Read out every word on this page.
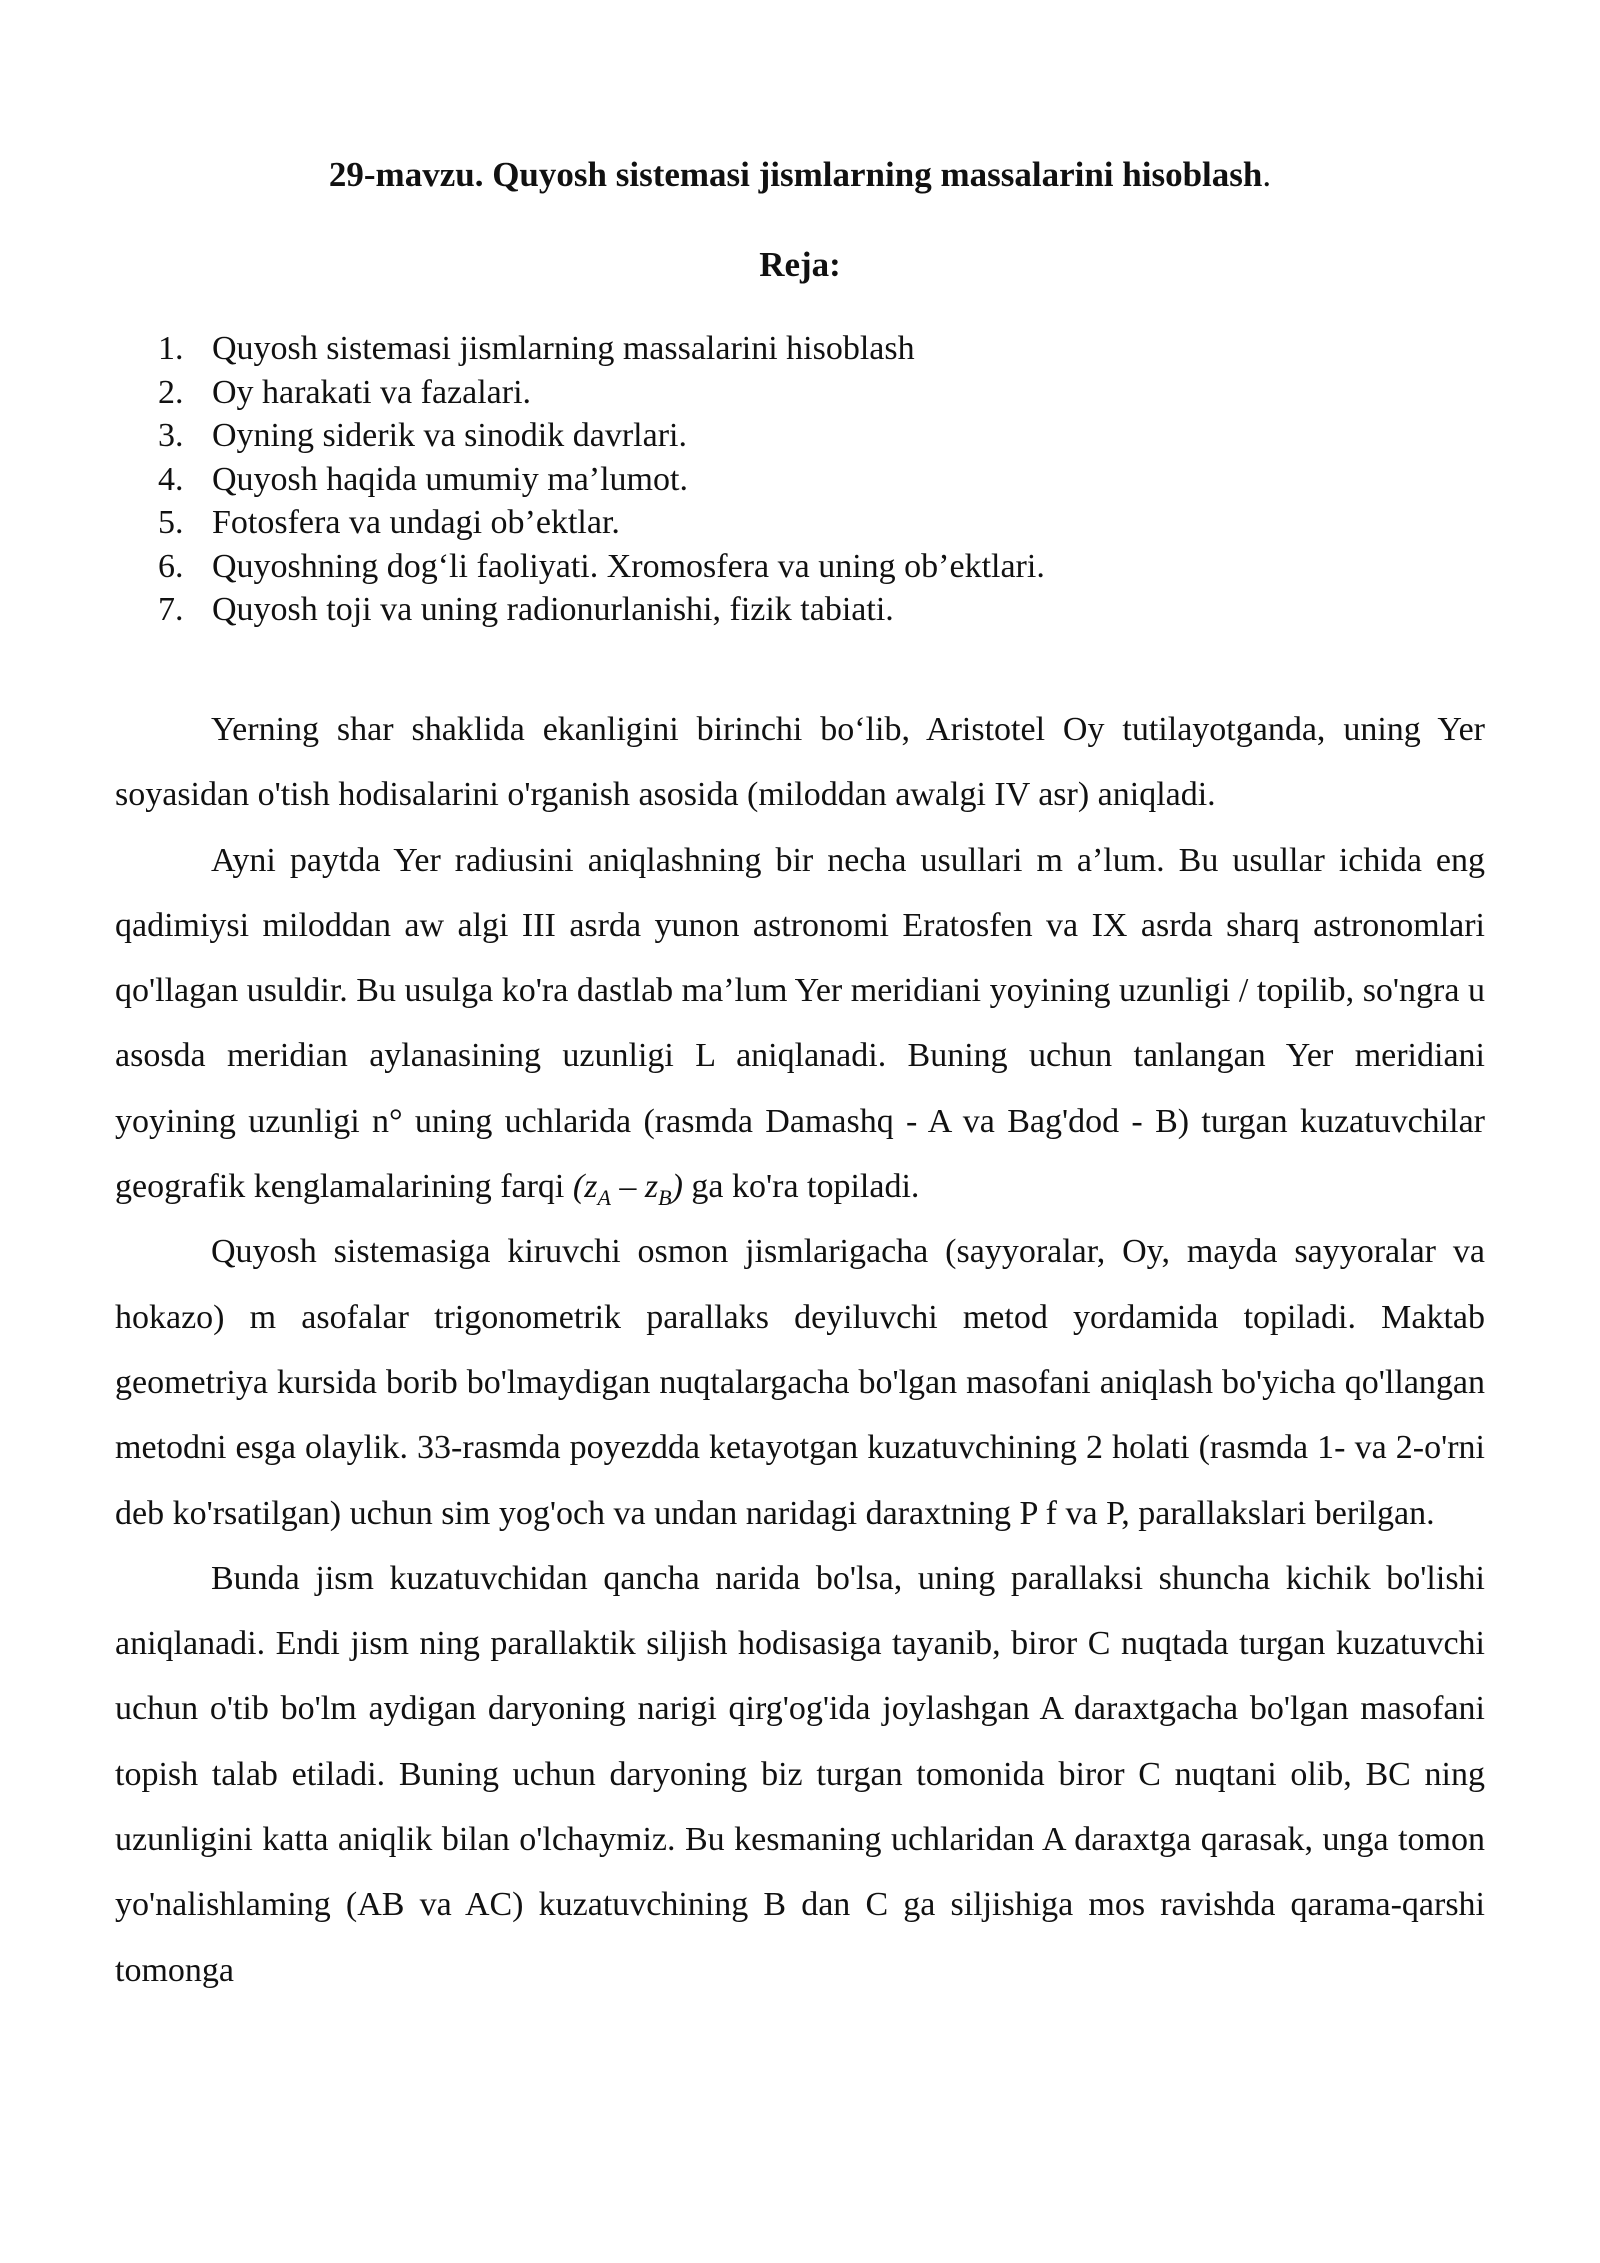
29-mavzu. Quyosh sistemasi jismlarning massalarini hisoblash.
Reja:
1. Quyosh sistemasi jismlarning massalarini hisoblash
2. Oy harakati va fazalari.
3. Oyning siderik va sinodik davrlari.
4. Quyosh haqida umumiy ma’lumot.
5. Fotosfera va undagi ob’ektlar.
6. Quyoshning dog‘li faoliyati. Xromosfera va uning ob’ektlari.
7. Quyosh toji va uning radionurlanishi, fizik tabiati.

Yerning shar shaklida ekanligini birinchi bo‘lib, Aristotel Oy tutilayotganda, uning Yer soyasidan o'tish hodisalarini o'rganish asosida (miloddan awalgi IV asr) aniqladi.

Ayni paytda Yer radiusini aniqlashning bir necha usullari m a’lum. Bu usullar ichida eng qadimiysi miloddan aw algi III asrda yunon astronomi Eratosfen va IX asrda sharq astronomlari qo'llagan usuldir. Bu usulga ko'ra dastlab ma’lum Yer meridiani yoyining uzunligi / topilib, so'ngra u asosda meridian aylanasining uzunligi L aniqlanadi. Buning uchun tanlangan Yer meridiani yoyining uzunligi n° uning uchlarida (rasmda Damashq - A va Bag'dod - B) turgan kuzatuvchilar geografik kenglamalarining farqi $(z_A - z_B)$ ga ko'ra topiladi.

Quyosh sistemasiga kiruvchi osmon jismlarigacha (sayyoralar, Oy, mayda sayyoralar va hokazo) m asofalar trigonometrik parallaks deyiluvchi metod yordamida topiladi. Maktab geometriya kursida borib bo'lmaydigan nuqtalargacha bo'lgan masofani aniqlash bo'yicha qo'llangan metodni esga olaylik. 33-rasmda poyezdda ketayotgan kuzatuvchining 2 holati (rasmda 1- va 2-o'rni deb ko'rsatilgan) uchun sim yog'och va undan naridagi daraxtning P f va P, parallakslari berilgan.

Bunda jism kuzatuvchidan qancha narida bo'lsa, uning parallaksi shuncha kichik bo'lishi aniqlanadi. Endi jism ning parallaktik siljish hodisasiga tayanib, biror C nuqtada turgan kuzatuvchi uchun o'tib bo'lm aydigan daryoning narigi qirg'og'ida joylashgan A daraxtgacha bo'lgan masofani topish talab etiladi. Buning uchun daryoning biz turgan tomonida biror C nuqtani olib, BC ning uzunligini katta aniqlik bilan o'lchaymiz. Bu kesmaning uchlaridan A daraxtga qarasak, unga tomon yo'nalishlaming (AB va AC) kuzatuvchining B dan C ga siljishiga mos ravishda qarama-qarshi tomonga
